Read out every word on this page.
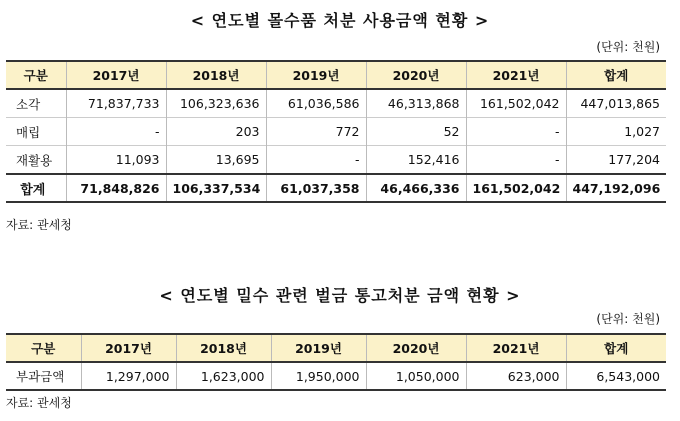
< 연도별 몰수품 처분 사용금액 현황 >
(단위: 천원)
구분	2017년	2018년	2019년	2020년	2021년	합계
소각	71,837,733	106,323,636	61,036,586	46,313,868	161,502,042	447,013,865
매립	-	203	772	52	-	1,027
재활용	11,093	13,695	-	152,416	-	177,204
합계	71,848,826	106,337,534	61,037,358	46,466,336	161,502,042	447,192,096
자료: 관세청
< 연도별 밀수 관련 벌금 통고처분 금액 현황 >
(단위: 천원)
구분	2017년	2018년	2019년	2020년	2021년	합계
부과금액	1,297,000	1,623,000	1,950,000	1,050,000	623,000	6,543,000
자료: 관세청
